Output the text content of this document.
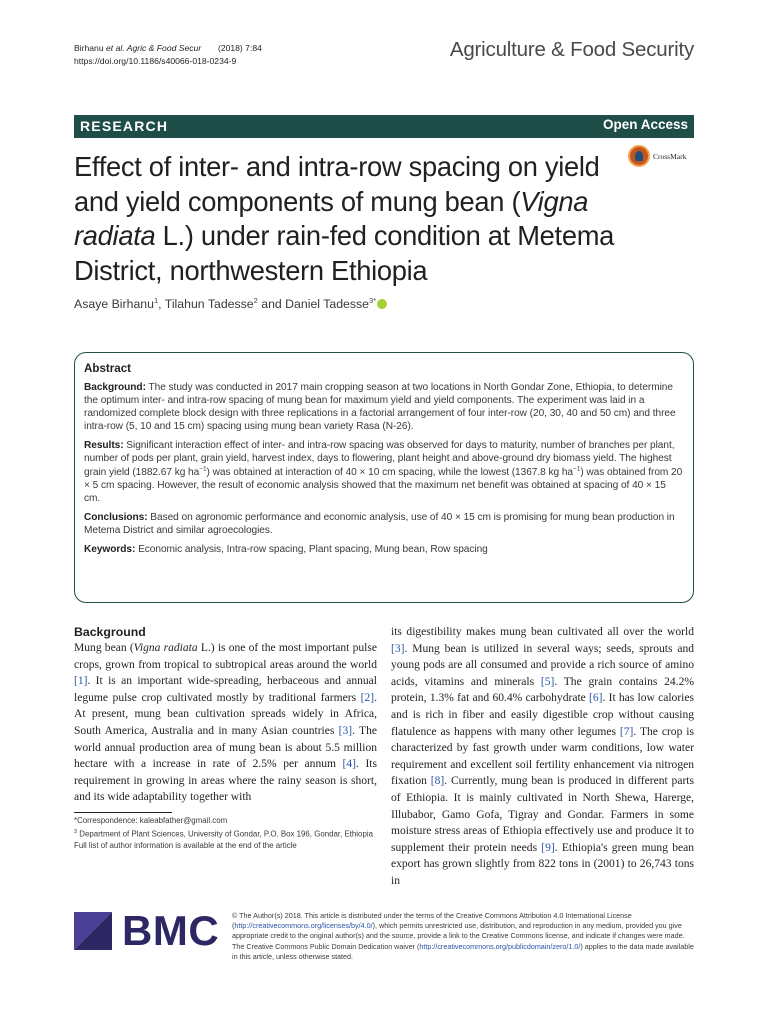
Birhanu et al. Agric & Food Secur (2018) 7:84
https://doi.org/10.1186/s40066-018-0234-9	Agriculture & Food Security
RESEARCH	Open Access
Effect of inter- and intra-row spacing on yield and yield components of mung bean (Vigna radiata L.) under rain-fed condition at Metema District, northwestern Ethiopia
CrossMark
Asaye Birhanu$^1$, Tilahun Tadesse$^2$ and Daniel Tadesse$^{3*}$
Abstract

Background: The study was conducted in 2017 main cropping season at two locations in North Gondar Zone, Ethiopia, to determine the optimum inter- and intra-row spacing of mung bean for maximum yield and yield components. The experiment was laid in a randomized complete block design with three replications in a factorial arrangement of four inter-row (20, 30, 40 and 50 cm) and three intra-row (5, 10 and 15 cm) spacing using mung bean variety Rasa (N-26).

Results: Significant interaction effect of inter- and intra-row spacing was observed for days to maturity, number of branches per plant, number of pods per plant, grain yield, harvest index, days to flowering, plant height and above-ground dry biomass yield. The highest grain yield (1882.67 kg $ha^{-1}$) was obtained at interaction of 40 × 10 cm spacing, while the lowest (1367.8 kg $ha^{-1}$) was obtained from 20 × 5 cm spacing. However, the result of economic analysis showed that the maximum net benefit was obtained at spacing of 40 × 15 cm.

Conclusions: Based on agronomic performance and economic analysis, use of 40 × 15 cm is promising for mung bean production in Metema District and similar agroecologies.

Keywords: Economic analysis, Intra-row spacing, Plant spacing, Mung bean, Row spacing

Background

Mung bean (Vigna radiata L.) is one of the most important pulse crops, grown from tropical to subtropical areas around the world [1]. It is an important wide-spreading, herbaceous and annual legume pulse crop cultivated mostly by traditional farmers [2]. At present, mung bean cultivation spreads widely in Africa, South America, Australia and in many Asian countries [3]. The world annual production area of mung bean is about 5.5 million hectare with a increase in rate of 2.5% per annum [4]. Its requirement in growing in areas where the rainy season is short, and its wide adaptability together with

its digestibility makes mung bean cultivated all over the world [3]. Mung bean is utilized in several ways; seeds, sprouts and young pods are all consumed and provide a rich source of amino acids, vitamins and minerals [5]. The grain contains 24.2% protein, 1.3% fat and 60.4% carbohydrate [6]. It has low calories and is rich in fiber and easily digestible crop without causing flatulence as happens with many other legumes [7]. The crop is characterized by fast growth under warm conditions, low water requirement and excellent soil fertility enhancement via nitrogen fixation [8]. Currently, mung bean is produced in different parts of Ethiopia. It is mainly cultivated in North Shewa, Harerge, Illubabor, Gamo Gofa, Tigray and Gondar. Farmers in some moisture stress areas of Ethiopia effectively use and produce it to supplement their protein needs [9]. Ethiopia's green mung bean export has grown slightly from 822 tons in (2001) to 26,743 tons in

*Correspondence: kaleabfather@gmail.com
$^3$ Department of Plant Sciences, University of Gondar, P.O. Box 196, Gondar, Ethiopia
Full list of author information is available at the end of the article
BMC © The Author(s) 2018. This article is distributed under the terms of the Creative Commons Attribution 4.0 International License (http://creativecommons.org/licenses/by/4.0/), which permits unrestricted use, distribution, and reproduction in any medium, provided you give appropriate credit to the original author(s) and the source, provide a link to the Creative Commons license, and indicate if changes were made. The Creative Commons Public Domain Dedication waiver (http://creativecommons.org/publicdomain/zero/1.0/) applies to the data made available in this article, unless otherwise stated.
